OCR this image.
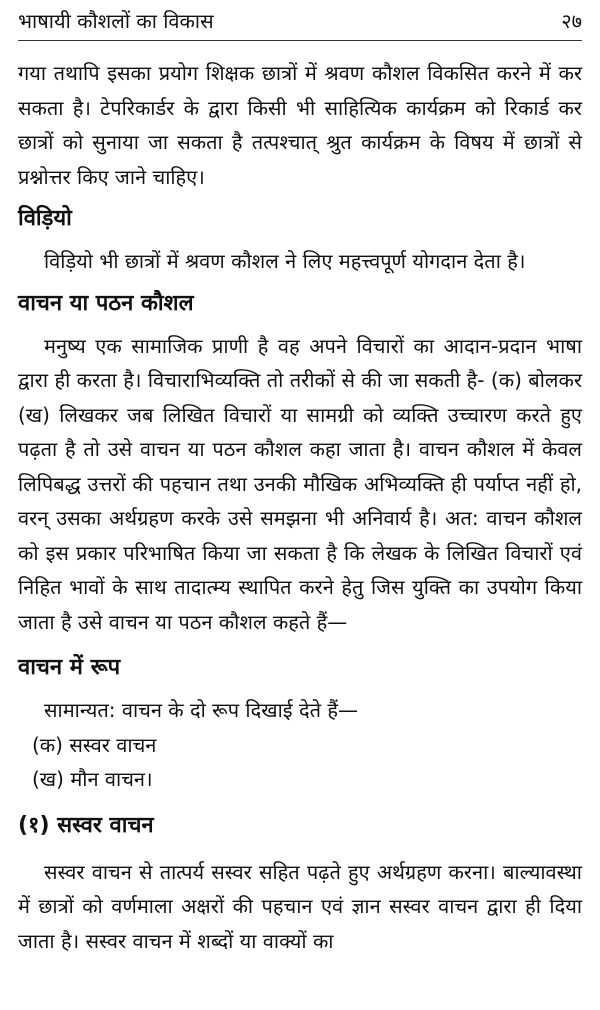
भाषायी कौशलों का विकास	२७

गया तथापि इसका प्रयोग शिक्षक छात्रों में श्रवण कौशल विकसित करने में कर सकता है। टेपरिकार्डर के द्वारा किसी भी साहित्यिक कार्यक्रम को रिकार्ड कर छात्रों को सुनाया जा सकता है तत्पश्चात् श्रुत कार्यक्रम के विषय में छात्रों से प्रश्नोत्तर किए जाने चाहिए।

विड़ियो

विड़ियो भी छात्रों में श्रवण कौशल ने लिए महत्त्वपूर्ण योगदान देता है।

वाचन या पठन कौशल

मनुष्य एक सामाजिक प्राणी है वह अपने विचारों का आदान-प्रदान भाषा द्वारा ही करता है। विचाराभिव्यक्ति तो तरीकों से की जा सकती है- (क) बोलकर (ख) लिखकर जब लिखित विचारों या सामग्री को व्यक्ति उच्चारण करते हुए पढ़ता है तो उसे वाचन या पठन कौशल कहा जाता है। वाचन कौशल में केवल लिपिबद्ध उत्तरों की पहचान तथा उनकी मौखिक अभिव्यक्ति ही पर्याप्त नहीं हो, वरन् उसका अर्थग्रहण करके उसे समझना भी अनिवार्य है। अत: वाचन कौशल को इस प्रकार परिभाषित किया जा सकता है कि लेखक के लिखित विचारों एवं निहित भावों के साथ तादात्म्य स्थापित करने हेतु जिस युक्ति का उपयोग किया जाता है उसे वाचन या पठन कौशल कहते हैं—

वाचन में रूप

सामान्यत: वाचन के दो रूप दिखाई देते हैं—

(क) सस्वर वाचन
(ख) मौन वाचन।
(१) सस्वर वाचन

सस्वर वाचन से तात्पर्य सस्वर सहित पढ़ते हुए अर्थग्रहण करना। बाल्यावस्था में छात्रों को वर्णमाला अक्षरों की पहचान एवं ज्ञान सस्वर वाचन द्वारा ही दिया जाता है। सस्वर वाचन में शब्दों या वाक्यों का
